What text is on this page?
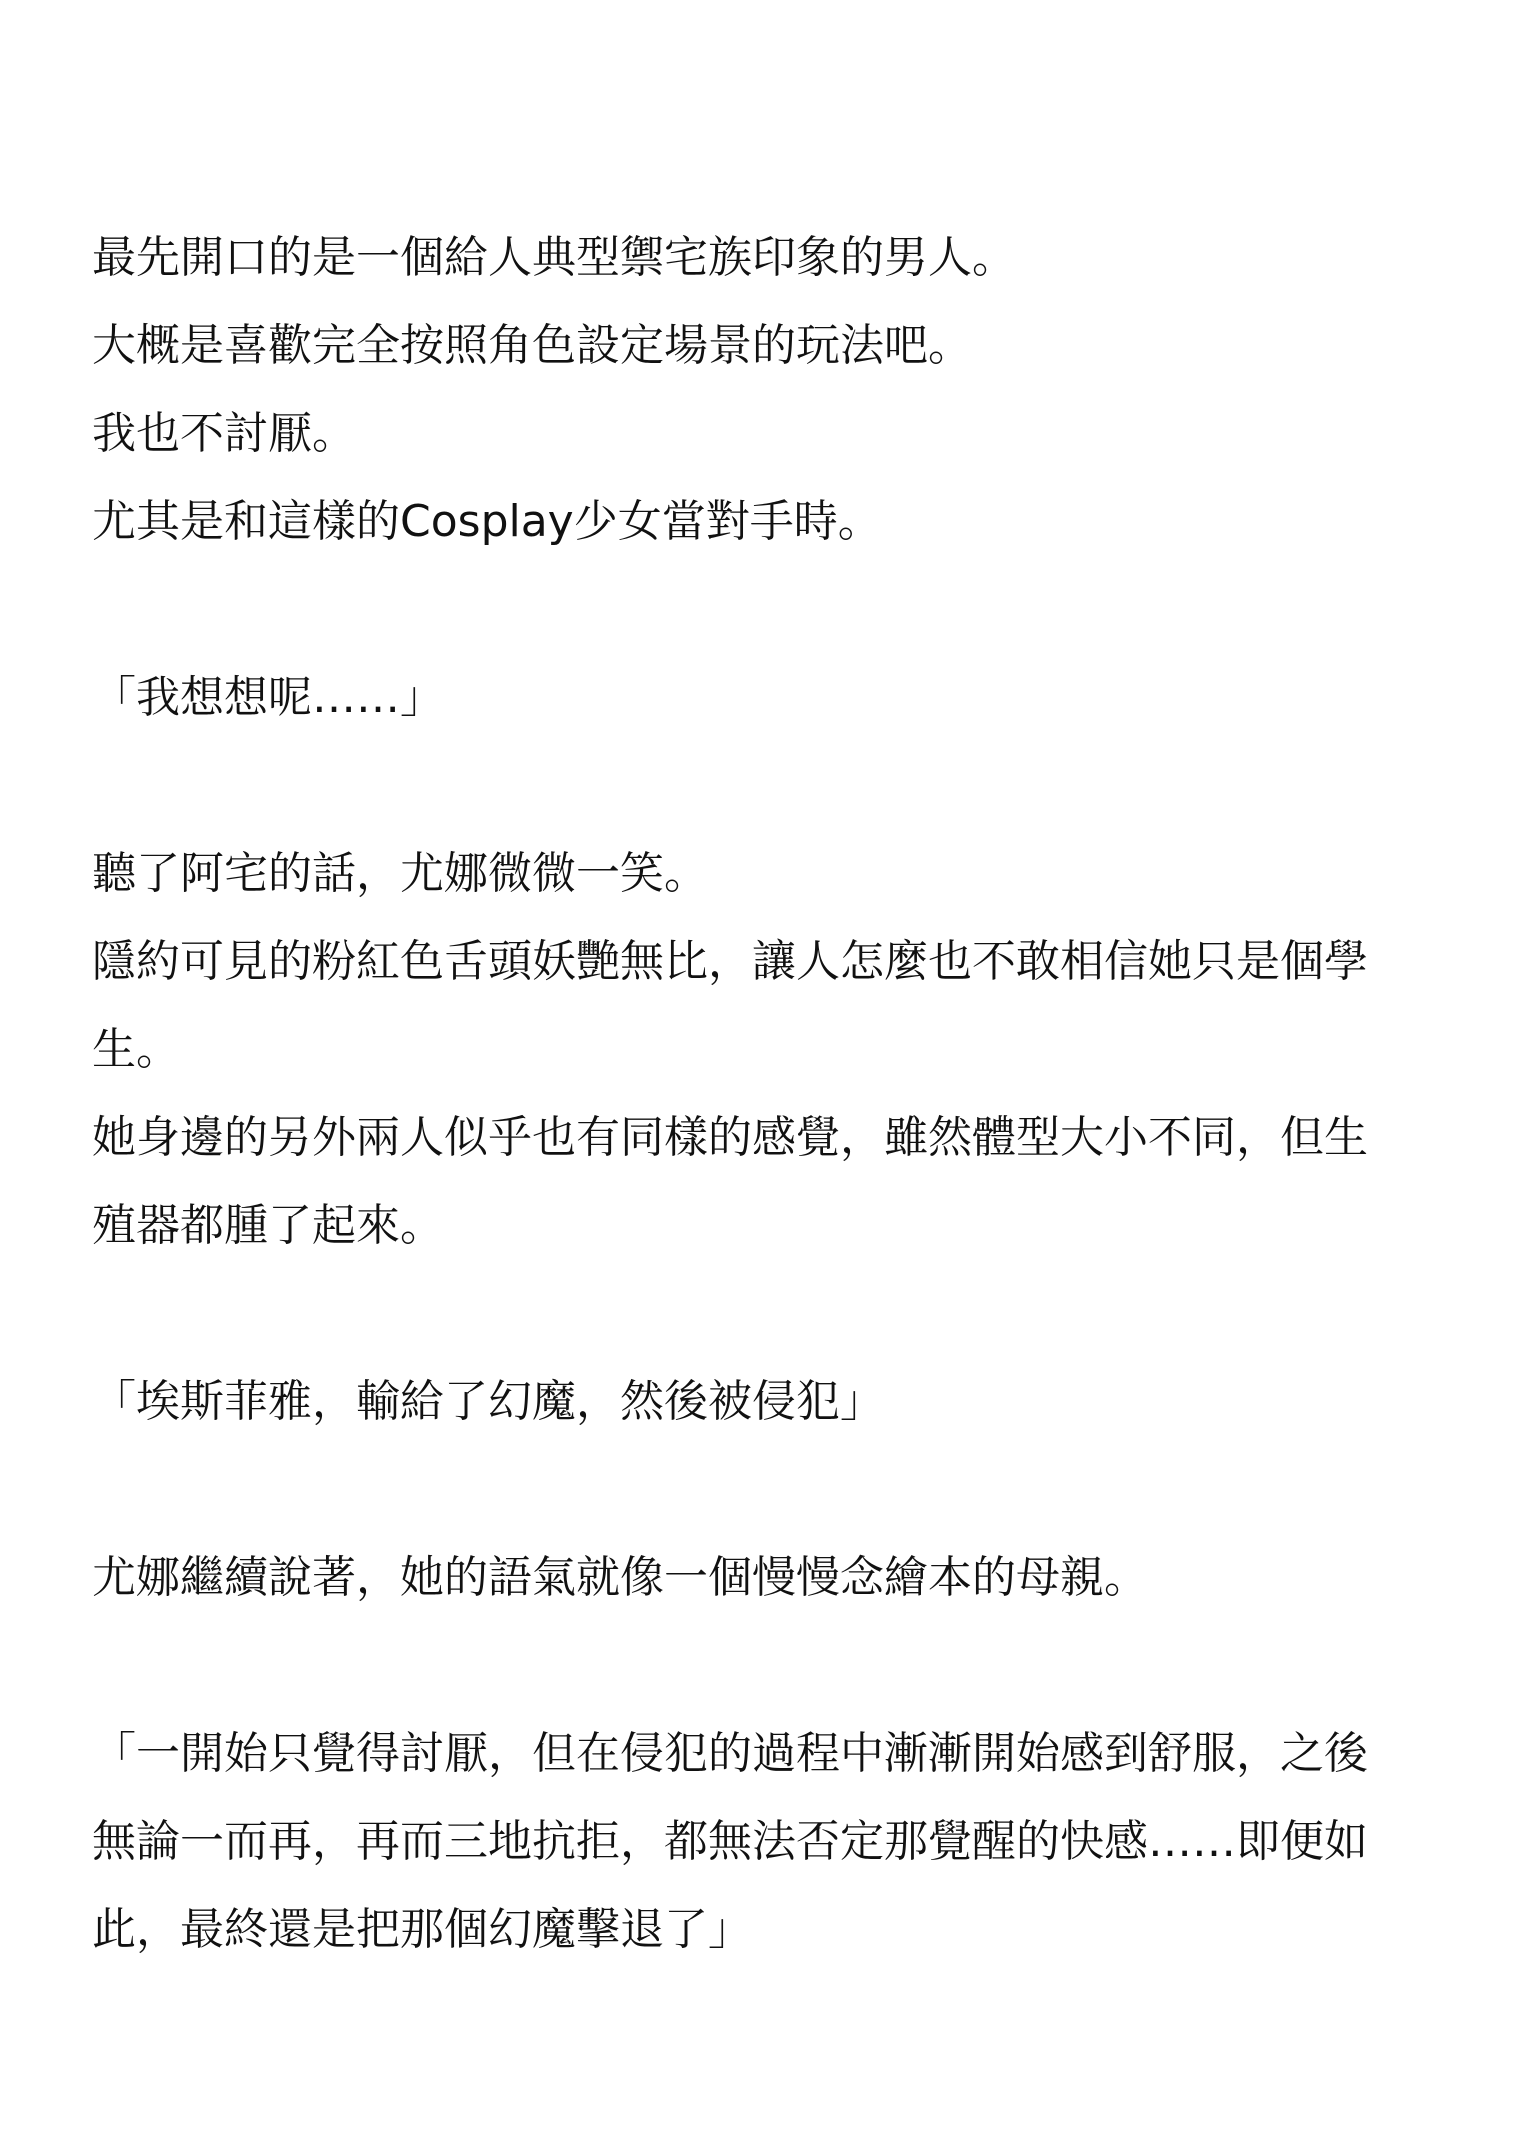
最先開口的是一個給人典型禦宅族印象的男人。
大概是喜歡完全按照角色設定場景的玩法吧。
我也不討厭。
尤其是和這樣的Cosplay少女當對手時。
「我想想呢……」
聽了阿宅的話，尤娜微微一笑。
隱約可見的粉紅色舌頭妖艷無比，讓人怎麼也不敢相信她只是個學
生。
她身邊的另外兩人似乎也有同樣的感覺，雖然體型大小不同，但生
殖器都腫了起來。
「埃斯菲雅，輸給了幻魔，然後被侵犯」
尤娜繼續說著，她的語氣就像一個慢慢念繪本的母親。
「一開始只覺得討厭，但在侵犯的過程中漸漸開始感到舒服，之後
無論一而再，再而三地抗拒，都無法否定那覺醒的快感……即便如
此，最終還是把那個幻魔擊退了」
